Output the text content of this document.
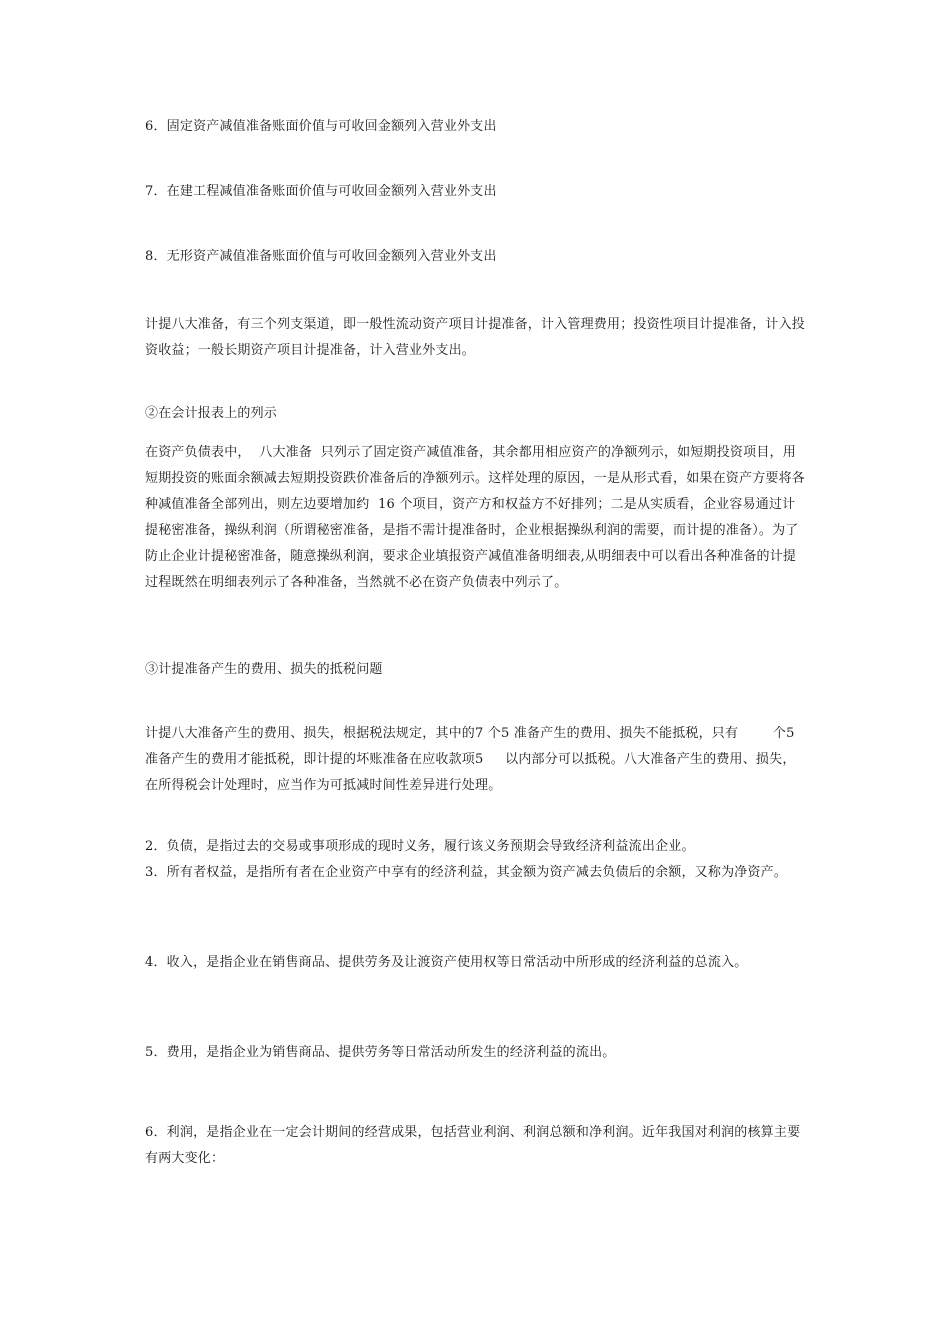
6．固定资产减值准备账面价值与可收回金额列入营业外支出
7．在建工程减值准备账面价值与可收回金额列入营业外支出
8．无形资产减值准备账面价值与可收回金额列入营业外支出
计提八大准备，有三个列支渠道，即一般性流动资产项目计提准备，计入管理费用；投资性项目计提准备，计入投资收益；一般长期资产项目计提准备，计入营业外支出。
②在会计报表上的列示
在资产负债表中，  八大准备  只列示了固定资产减值准备，其余都用相应资产的净额列示，如短期投资项目，用短期投资的账面余额减去短期投资跌价准备后的净额列示。这样处理的原因，一是从形式看，如果在资产方要将各种减值准备全部列出，则左边要增加约  16 个项目，资产方和权益方不好排列；二是从实质看，企业容易通过计提秘密准备，操纵利润（所谓秘密准备，是指不需计提准备时，企业根据操纵利润的需要，而计提的准备）。为了防止企业计提秘密准备，随意操纵利润，要求企业填报资产减值准备明细表,从明细表中可以看出各种准备的计提过程既然在明细表列示了各种准备，当然就不必在资产负债表中列示了。
③计提准备产生的费用、损失的抵税问题
计提八大准备产生的费用、损失，根据税法规定，其中的7 个5 准备产生的费用、损失不能抵税，只有        个5准备产生的费用才能抵税，即计提的坏账准备在应收款项5     以内部分可以抵税。八大准备产生的费用、损失，在所得税会计处理时，应当作为可抵减时间性差异进行处理。
2．负债，是指过去的交易或事项形成的现时义务，履行该义务预期会导致经济利益流出企业。
3．所有者权益，是指所有者在企业资产中享有的经济利益，其金额为资产减去负债后的余额，又称为净资产。
4．收入，是指企业在销售商品、提供劳务及让渡资产使用权等日常活动中所形成的经济利益的总流入。
5．费用，是指企业为销售商品、提供劳务等日常活动所发生的经济利益的流出。
6．利润，是指企业在一定会计期间的经营成果，包括营业利润、利润总额和净利润。近年我国对利润的核算主要有两大变化：
